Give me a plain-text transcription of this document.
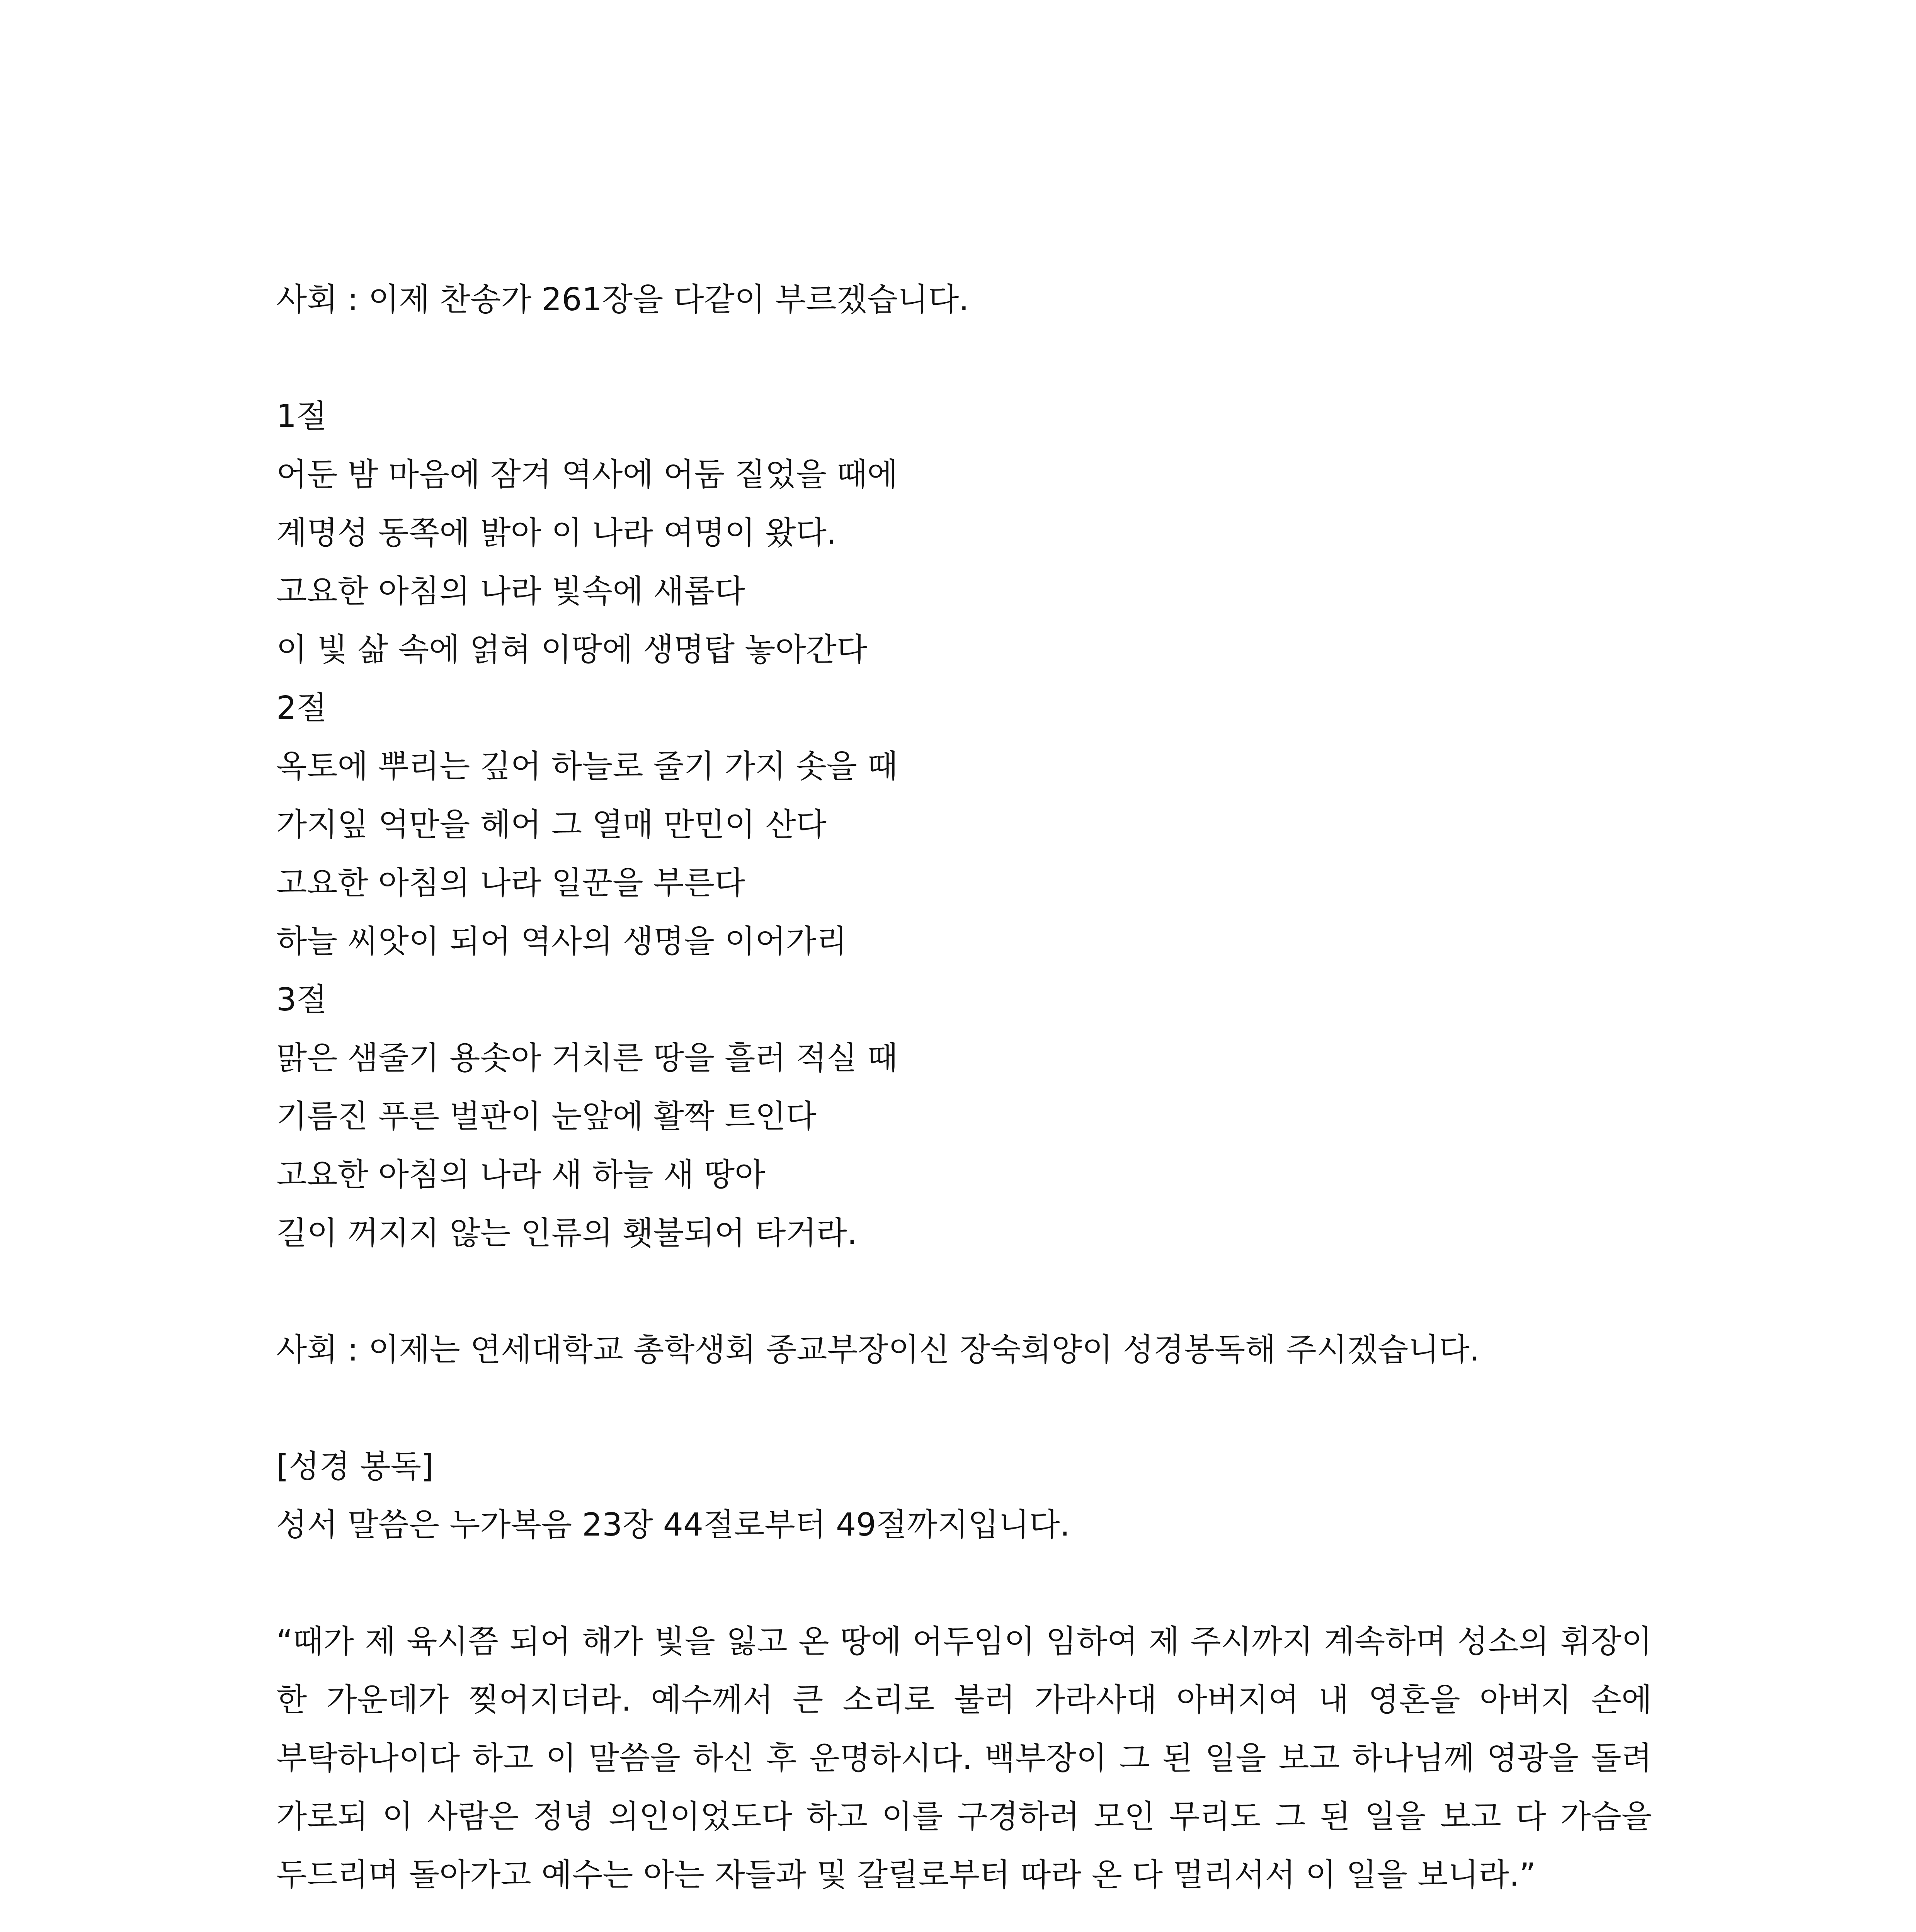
사회 : 이제 찬송가 261장을 다같이 부르겠습니다.
1절
어둔 밤 마음에 잠겨 역사에 어둠 짙었을 때에
계명성 동쪽에 밝아 이 나라 여명이 왔다.
고요한 아침의 나라 빛속에 새롭다
이 빛 삶 속에 얽혀 이땅에 생명탑 놓아간다
2절
옥토에 뿌리는 깊어 하늘로 줄기 가지 솟을 때
가지잎 억만을 헤어 그 열매 만민이 산다
고요한 아침의 나라 일꾼을 부른다
하늘 씨앗이 되어 역사의 생명을 이어가리
3절
맑은 샘줄기 용솟아 거치른 땅을 흘러 적실 때
기름진 푸른 벌판이 눈앞에 활짝 트인다
고요한 아침의 나라 새 하늘 새 땅아
길이 꺼지지 않는 인류의 횃불되어 타거라.
사회 : 이제는 연세대학교 총학생회 종교부장이신 장숙희양이 성경봉독해 주시겠습니다.
[성경 봉독]
성서 말씀은 누가복음 23장 44절로부터 49절까지입니다.
“때가 제 육시쯤 되어 해가 빛을 잃고 온 땅에 어두임이 임하여 제 주시까지 계속하며 성소의 휘장이 한 가운데가 찢어지더라. 예수께서 큰 소리로 불러 가라사대 아버지여 내 영혼을 아버지 손에 부탁하나이다 하고 이 말씀을 하신 후 운명하시다. 백부장이 그 된 일을 보고 하나님께 영광을 돌려 가로되 이 사람은 정녕 의인이었도다 하고 이를 구경하러 모인 무리도 그 된 일을 보고 다 가슴을 두드리며 돌아가고 예수는 아는 자들과 및 갈릴로부터 따라 온 다 멀리서서 이 일을 보니라.”
